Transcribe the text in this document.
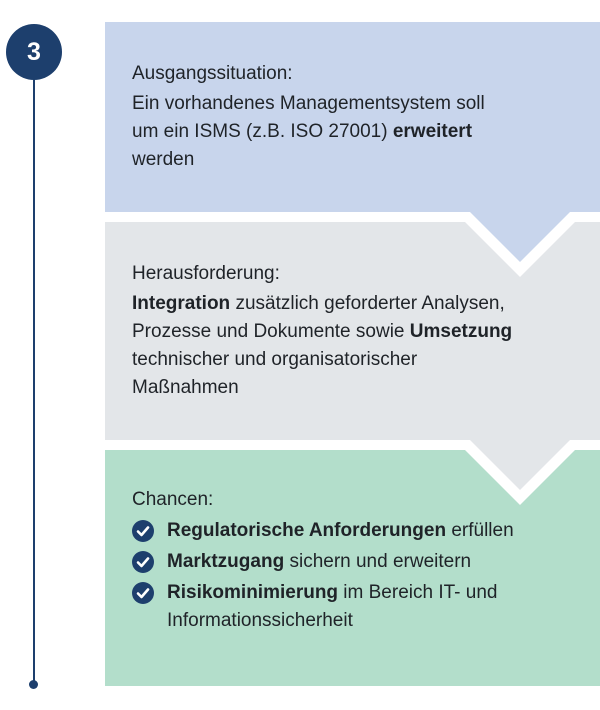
3
Ausgangssituation:
Ein vorhandenes Managementsystem soll
um ein ISMS (z.B. ISO 27001) erweitert
werden
Herausforderung:
Integration zusätzlich geforderter Analysen,
Prozesse und Dokumente sowie Umsetzung
technischer und organisatorischer
Maßnahmen
Chancen:
Regulatorische Anforderungen erfüllen
Marktzugang sichern und erweitern
Risikominimierung im Bereich IT- und
Informationssicherheit
